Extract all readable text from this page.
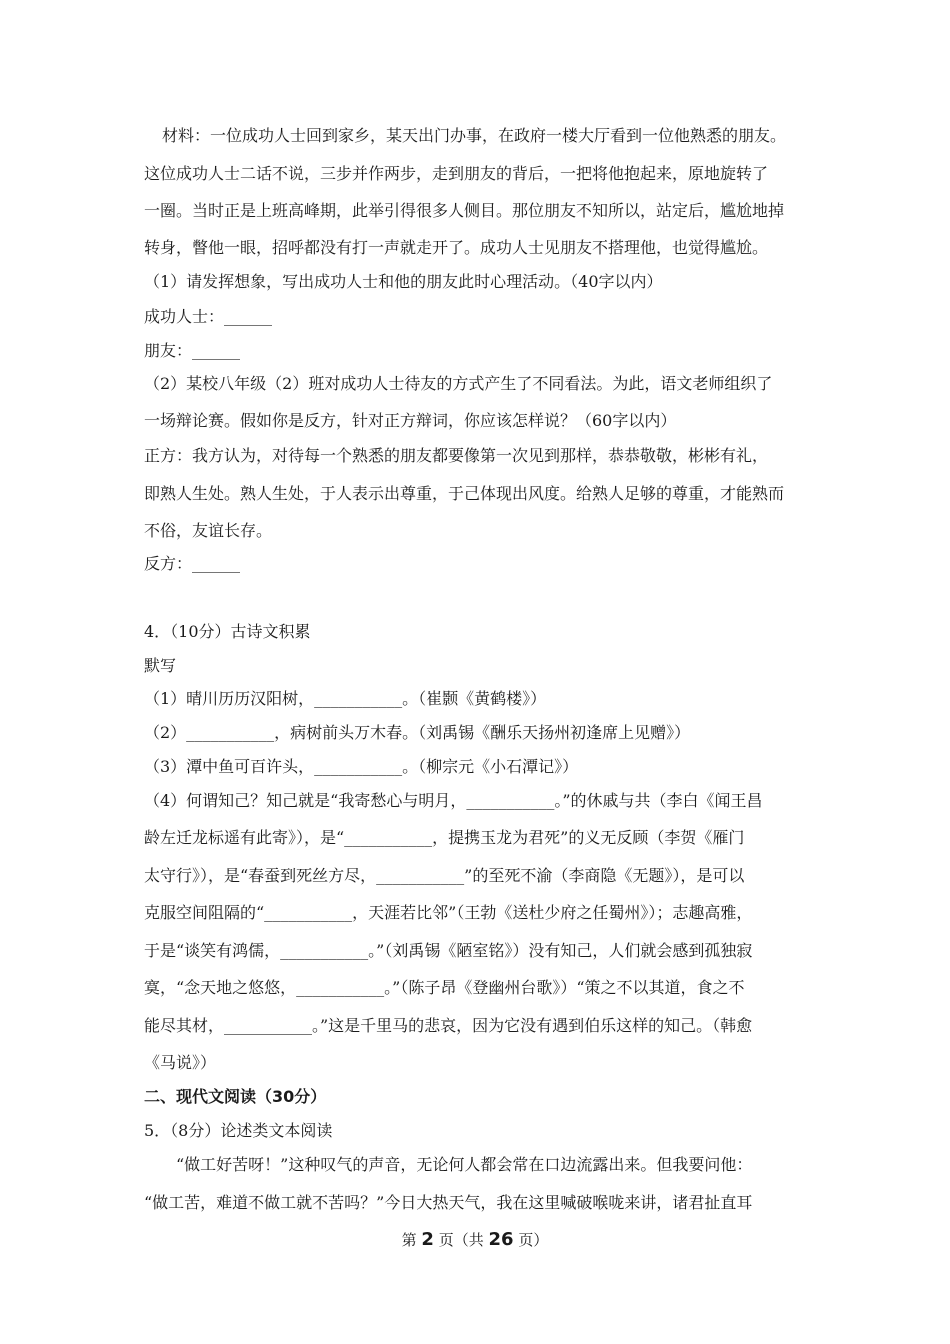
材料：一位成功人士回到家乡，某天出门办事，在政府一楼大厅看到一位他熟悉的朋友。
这位成功人士二话不说，三步并作两步，走到朋友的背后，一把将他抱起来，原地旋转了
一圈。当时正是上班高峰期，此举引得很多人侧目。那位朋友不知所以，站定后，尴尬地掉
转身，瞥他一眼，招呼都没有打一声就走开了。成功人士见朋友不搭理他，也觉得尴尬。
（1）请发挥想象，写出成功人士和他的朋友此时心理活动。（40字以内）
成功人士：______
朋友：______
（2）某校八年级（2）班对成功人士待友的方式产生了不同看法。为此，语文老师组织了
一场辩论赛。假如你是反方，针对正方辩词，你应该怎样说？（60字以内）
正方：我方认为，对待每一个熟悉的朋友都要像第一次见到那样，恭恭敬敬，彬彬有礼，
即熟人生处。熟人生处，于人表示出尊重，于己体现出风度。给熟人足够的尊重，才能熟而
不俗，友谊长存。
反方：______
4．（10分）古诗文积累
默写
（1）晴川历历汉阳树，___________。（崔颢《黄鹤楼》）
（2）___________，病树前头万木春。（刘禹锡《酬乐天扬州初逢席上见赠》）
（3）潭中鱼可百许头，___________。（柳宗元《小石潭记》）
（4）何谓知己？知己就是“我寄愁心与明月，___________。”的休戚与共（李白《闻王昌
龄左迁龙标遥有此寄》），是“___________，提携玉龙为君死”的义无反顾（李贺《雁门
太守行》），是“春蚕到死丝方尽，___________”的至死不渝（李商隐《无题》），是可以
克服空间阻隔的“___________，天涯若比邻”（王勃《送杜少府之任蜀州》）；志趣高雅，
于是“谈笑有鸿儒，___________。”（刘禹锡《陋室铭》）没有知己，人们就会感到孤独寂
寞，“念天地之悠悠，___________。”（陈子昂《登幽州台歌》）“策之不以其道，食之不
能尽其材，___________。”这是千里马的悲哀，因为它没有遇到伯乐这样的知己。（韩愈
《马说》）
二、现代文阅读（30分）
5．（8分）论述类文本阅读
“做工好苦呀！”这种叹气的声音，无论何人都会常在口边流露出来。但我要问他：
“做工苦，难道不做工就不苦吗？”今日大热天气，我在这里喊破喉咙来讲，诸君扯直耳
第 2 页（共 26 页）
